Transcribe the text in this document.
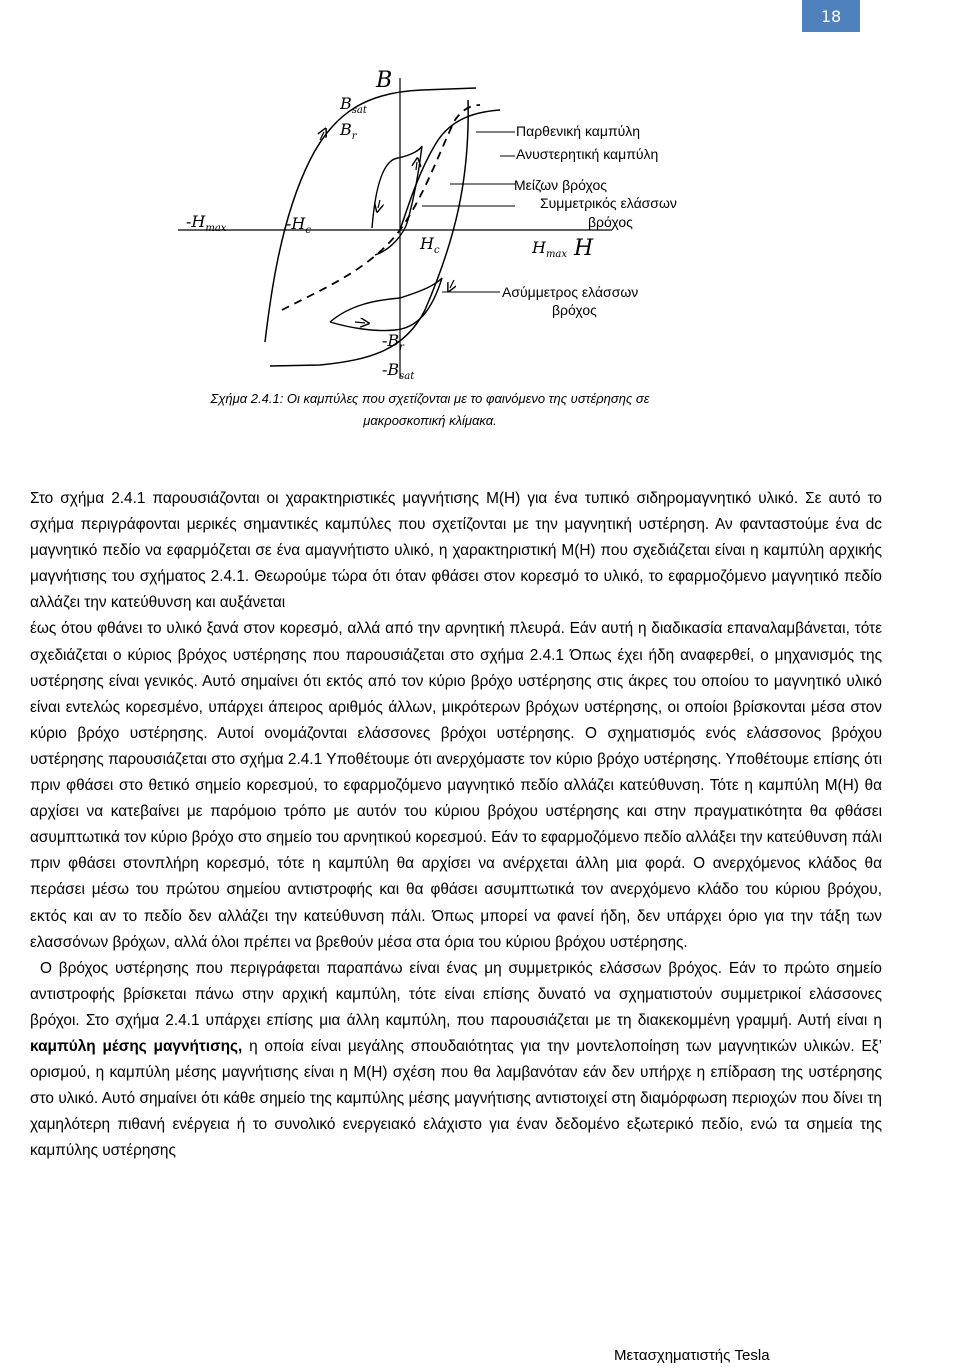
18
B
H
$B_{sat}$
$B_r$
$-B_r$
$-B_{sat}$
$-H_{max}$	$-H_c$
$H_c$	$H_{max}$
Παρθενική καμπύλη
Ανυστερητική καμπύλη
Μείζων βρόχος
Συμμετρικός ελάσσων
βρόχος
Ασύμμετρος ελάσσων
βρόχος
Σχήμα 2.4.1: Οι καμπύλες που σχετίζονται με το φαινόμενο της υστέρησης σε
μακροσκοπική κλίμακα.

Στο σχήμα 2.4.1 παρουσιάζονται οι χαρακτηριστικές μαγνήτισης M(H) για ένα τυπικό σιδηρομαγνητικό υλικό. Σε αυτό το σχήμα περιγράφονται μερικές σημαντικές καμπύλες που σχετίζονται με την μαγνητική υστέρηση. Αν φανταστούμε ένα dc μαγνητικό πεδίο να εφαρμόζεται σε ένα αμαγνήτιστο υλικό, η χαρακτηριστική M(H) που σχεδιάζεται είναι η καμπύλη αρχικής μαγνήτισης του σχήματος 2.4.1. Θεωρούμε τώρα ότι όταν φθάσει στον κορεσμό το υλικό, το εφαρμοζόμενο μαγνητικό πεδίο αλλάζει την κατεύθυνση και αυξάνεται

έως ότου φθάνει το υλικό ξανά στον κορεσμό, αλλά από την αρνητική πλευρά. Εάν αυτή η διαδικασία επαναλαμβάνεται, τότε σχεδιάζεται ο κύριος βρόχος υστέρησης που παρουσιάζεται στο σχήμα 2.4.1 Όπως έχει ήδη αναφερθεί, ο μηχανισμός της υστέρησης είναι γενικός. Αυτό σημαίνει ότι εκτός από τον κύριο βρόχο υστέρησης στις άκρες του οποίου το μαγνητικό υλικό είναι εντελώς κορεσμένο, υπάρχει άπειρος αριθμός άλλων, μικρότερων βρόχων υστέρησης, οι οποίοι βρίσκονται μέσα στον κύριο βρόχο υστέρησης. Αυτοί ονομάζονται ελάσσονες βρόχοι υστέρησης. Ο σχηματισμός ενός ελάσσονος βρόχου υστέρησης παρουσιάζεται στο σχήμα 2.4.1 Υποθέτουμε ότι ανερχόμαστε τον κύριο βρόχο υστέρησης. Υποθέτουμε επίσης ότι πριν φθάσει στο θετικό σημείο κορεσμού, το εφαρμοζόμενο μαγνητικό πεδίο αλλάζει κατεύθυνση. Τότε η καμπύλη M(H) θα αρχίσει να κατεβαίνει με παρόμοιο τρόπο με αυτόν του κύριου βρόχου υστέρησης και στην πραγματικότητα θα φθάσει ασυμπτωτικά τον κύριο βρόχο στο σημείο του αρνητικού κορεσμού. Εάν το εφαρμοζόμενο πεδίο αλλάξει την κατεύθυνση πάλι πριν φθάσει στονπλήρη κορεσμό, τότε η καμπύλη θα αρχίσει να ανέρχεται άλλη μια φορά. Ο ανερχόμενος κλάδος θα περάσει μέσω του πρώτου σημείου αντιστροφής και θα φθάσει ασυμπτωτικά τον ανερχόμενο κλάδο του κύριου βρόχου, εκτός και αν το πεδίο δεν αλλάζει την κατεύθυνση πάλι. Όπως μπορεί να φανεί ήδη, δεν υπάρχει όριο για την τάξη των ελασσόνων βρόχων, αλλά όλοι πρέπει να βρεθούν μέσα στα όρια του κύριου βρόχου υστέρησης.

Ο βρόχος υστέρησης που περιγράφεται παραπάνω είναι ένας μη συμμετρικός ελάσσων βρόχος. Εάν το πρώτο σημείο αντιστροφής βρίσκεται πάνω στην αρχική καμπύλη, τότε είναι επίσης δυνατό να σχηματιστούν συμμετρικοί ελάσσονες βρόχοι. Στο σχήμα 2.4.1 υπάρχει επίσης μια άλλη καμπύλη, που παρουσιάζεται με τη διακεκομμένη γραμμή. Αυτή είναι η καμπύλη μέσης μαγνήτισης, η οποία είναι μεγάλης σπουδαιότητας για την μοντελοποίηση των μαγνητικών υλικών. Εξ’ ορισμού, η καμπύλη μέσης μαγνήτισης είναι η M(H) σχέση που θα λαμβανόταν εάν δεν υπήρχε η επίδραση της υστέρησης στο υλικό. Αυτό σημαίνει ότι κάθε σημείο της καμπύλης μέσης μαγνήτισης αντιστοιχεί στη διαμόρφωση περιοχών που δίνει τη χαμηλότερη πιθανή ενέργεια ή το συνολικό ενεργειακό ελάχιστο για έναν δεδομένο εξωτερικό πεδίο, ενώ τα σημεία της καμπύλης υστέρησης

Μετασχηματιστής Tesla
